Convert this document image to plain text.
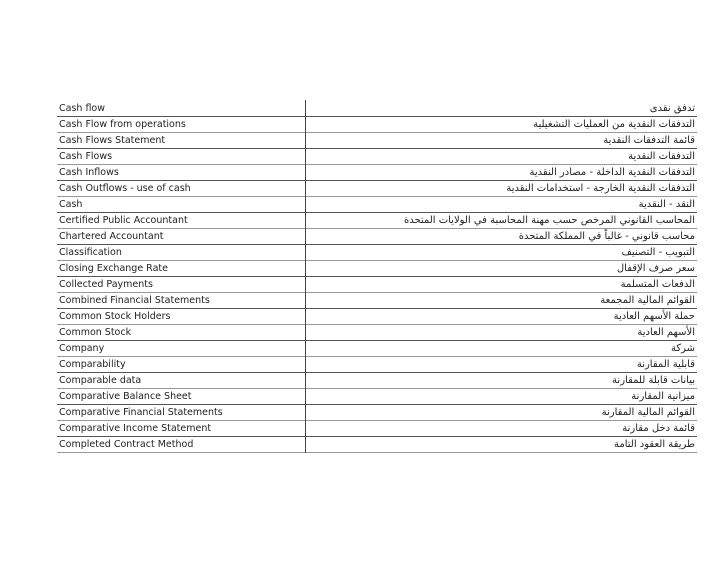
Cash flow	تدفق نقدى
Cash Flow from operations	التدفقات النقدية من العمليات التشغيلية
Cash Flows Statement	قائمة التدفقات النقدية
Cash Flows	التدفقات النقدية
Cash Inflows	التدفقات النقدية الداخلة - مصادر النقدية
Cash Outflows - use of cash	التدفقات النقدية الخارجة - استخدامات النقدية
Cash	النقد - النقدية
Certified Public Accountant	المحاسب القانوني المرخص حسب مهنة المحاسبة في الولايات المتحدة
Chartered Accountant	محاسب قانوني - غالباً في المملكة المتحدة
Classification	التبويب - التصنيف
Closing Exchange Rate	سعر صرف الإقفال
Collected Payments	الدفعات المتسلمة
Combined Financial Statements	القوائم المالية المجمعة
Common Stock Holders	حملة الأسهم العادية
Common Stock	الأسهم العادية
Company	شركة
Comparability	قابلية المقارنة
Comparable data	بيانات قابلة للمقارنة
Comparative Balance Sheet	ميزانية المقارنة
Comparative Financial Statements	القوائم المالية المقارنة
Comparative Income Statement	قائمة دخل مقارنة
Completed Contract Method	طريقة العقود التامة
